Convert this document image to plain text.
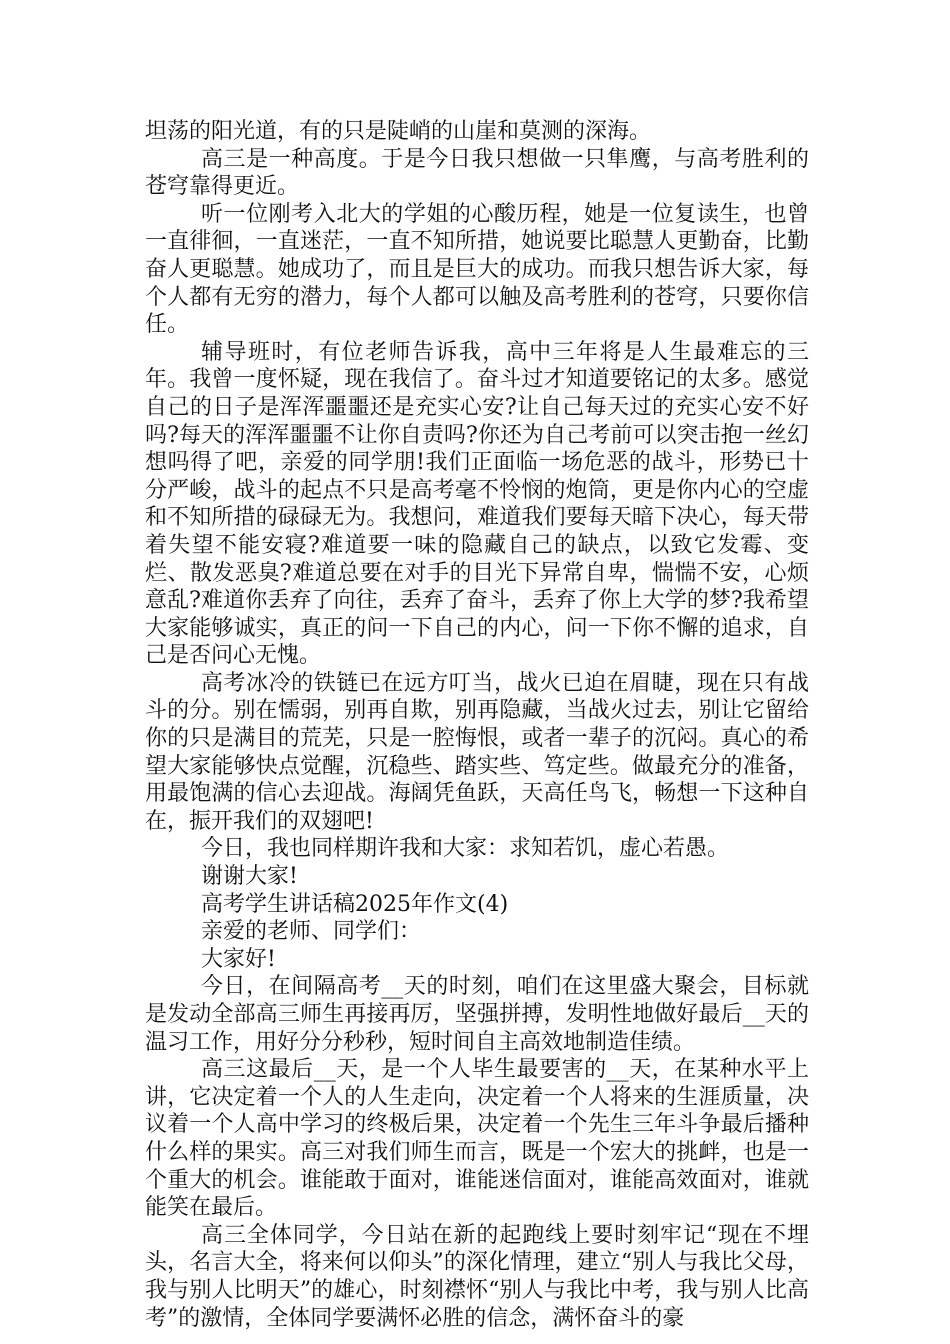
坦荡的阳光道，有的只是陡峭的山崖和莫测的深海。

高三是一种高度。于是今日我只想做一只隼鹰，与高考胜利的苍穹靠得更近。

听一位刚考入北大的学姐的心酸历程，她是一位复读生，也曾一直徘徊，一直迷茫，一直不知所措，她说要比聪慧人更勤奋，比勤奋人更聪慧。她成功了，而且是巨大的成功。而我只想告诉大家，每个人都有无穷的潜力，每个人都可以触及高考胜利的苍穹，只要你信任。

辅导班时，有位老师告诉我，高中三年将是人生最难忘的三年。我曾一度怀疑，现在我信了。奋斗过才知道要铭记的太多。感觉自己的日子是浑浑噩噩还是充实心安?让自己每天过的充实心安不好吗?每天的浑浑噩噩不让你自责吗?你还为自己考前可以突击抱一丝幻想吗得了吧，亲爱的同学朋!我们正面临一场危恶的战斗，形势已十分严峻，战斗的起点不只是高考毫不怜悯的炮筒，更是你内心的空虚和不知所措的碌碌无为。我想问，难道我们要每天暗下决心，每天带着失望不能安寝?难道要一味的隐藏自己的缺点，以致它发霉、变烂、散发恶臭?难道总要在对手的目光下异常自卑，惴惴不安，心烦意乱?难道你丢弃了向往，丢弃了奋斗，丢弃了你上大学的梦?我希望大家能够诚实，真正的问一下自己的内心，问一下你不懈的追求，自己是否问心无愧。

高考冰冷的铁链已在远方叮当，战火已迫在眉睫，现在只有战斗的分。别在懦弱，别再自欺，别再隐藏，当战火过去，别让它留给你的只是满目的荒芜，只是一腔悔恨，或者一辈子的沉闷。真心的希望大家能够快点觉醒，沉稳些、踏实些、笃定些。做最充分的准备，用最饱满的信心去迎战。海阔凭鱼跃，天高任鸟飞，畅想一下这种自在，振开我们的双翅吧!

今日，我也同样期许我和大家：求知若饥，虚心若愚。

谢谢大家!

高考学生讲话稿2025年作文(4)

亲爱的老师、同学们：

大家好!

今日，在间隔高考__天的时刻，咱们在这里盛大聚会，目标就是发动全部高三师生再接再厉，坚强拼搏，发明性地做好最后__天的温习工作，用好分分秒秒，短时间自主高效地制造佳绩。

高三这最后__天，是一个人毕生最要害的__天，在某种水平上讲，它决定着一个人的人生走向，决定着一个人将来的生涯质量，决议着一个人高中学习的终极后果，决定着一个先生三年斗争最后播种什么样的果实。高三对我们师生而言，既是一个宏大的挑衅，也是一个重大的机会。谁能敢于面对，谁能迷信面对，谁能高效面对，谁就能笑在最后。

高三全体同学，今日站在新的起跑线上要时刻牢记“现在不埋头，名言大全，将来何以仰头”的深化情理，建立“别人与我比父母，我与别人比明天”的雄心，时刻襟怀“别人与我比中考，我与别人比高考”的激情，全体同学要满怀必胜的信念，满怀奋斗的豪
